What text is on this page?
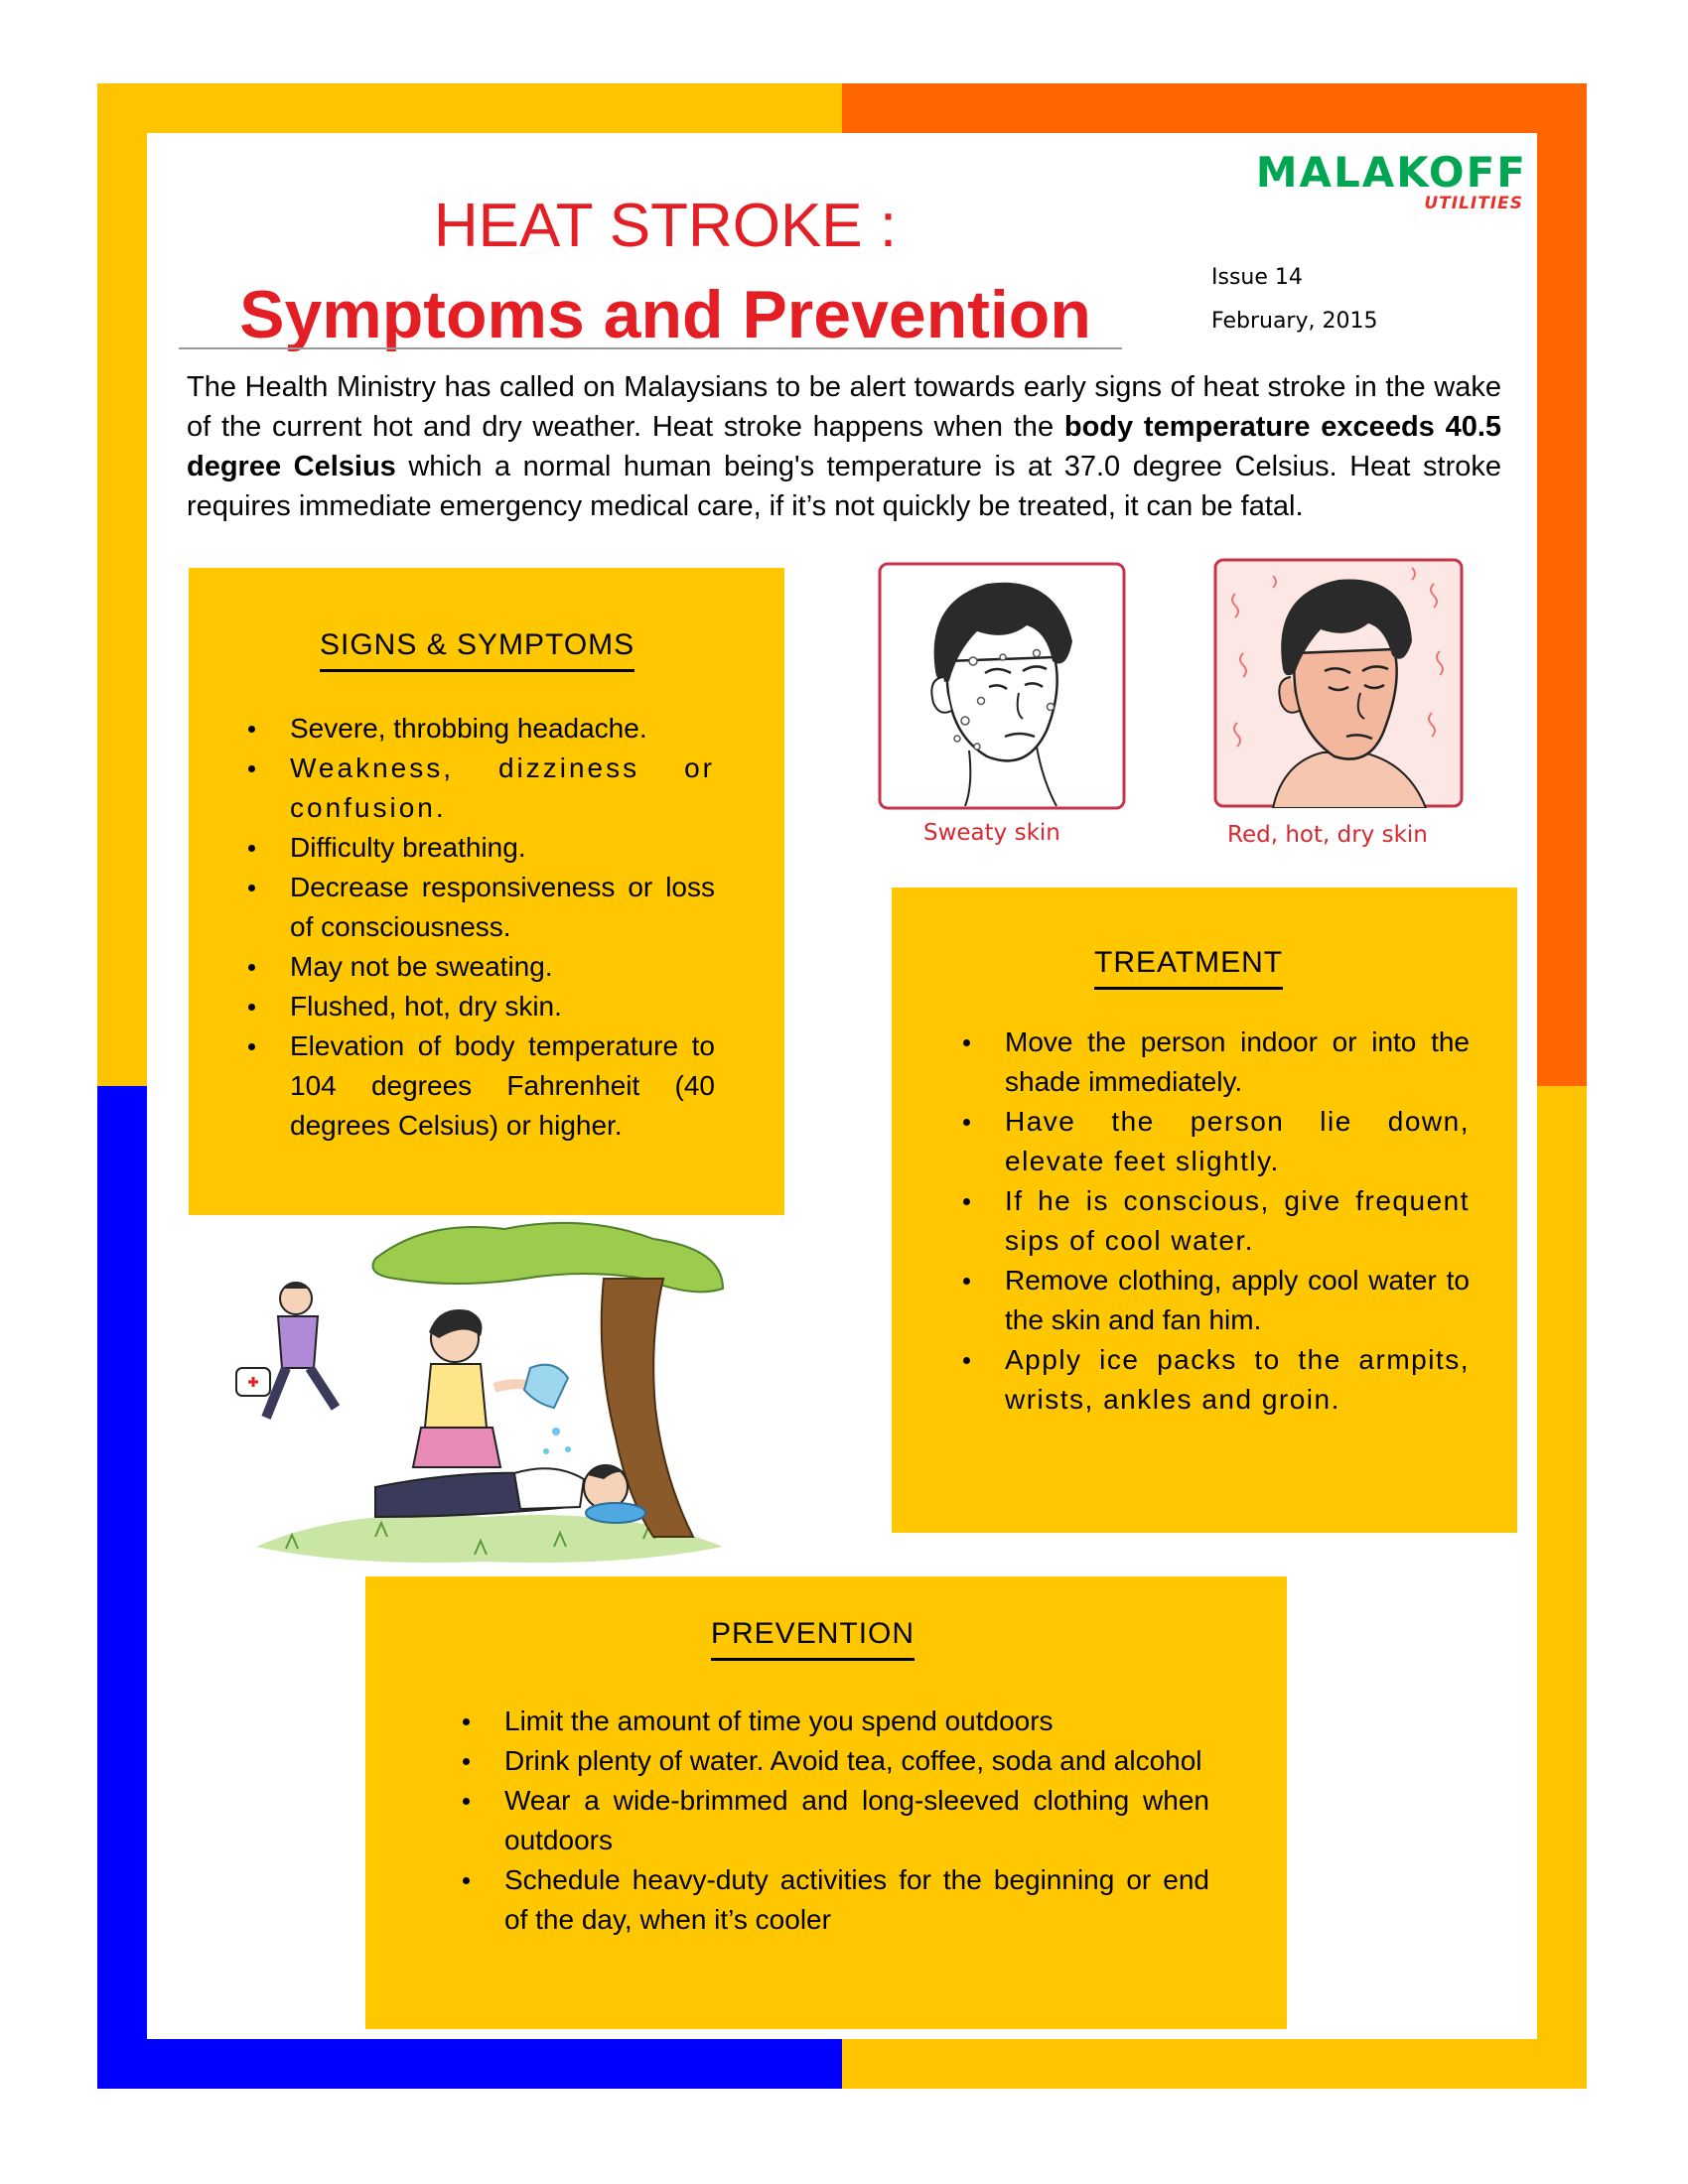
MALAKOFF
UTILITIES
HEAT STROKE :
Symptoms and Prevention	Issue 14
February, 2015
The Health Ministry has called on Malaysians to be alert towards early signs of heat stroke in the wake of the current hot and dry weather. Heat stroke happens when the body temperature exceeds 40.5 degree Celsius which a normal human being's temperature is at 37.0 degree Celsius. Heat stroke requires immediate emergency medical care, if it’s not quickly be treated, it can be fatal.
SIGNS & SYMPTOMS
Severe, throbbing headache.
Weakness, dizziness or confusion.
Difficulty breathing.
Decrease responsiveness or loss of consciousness.
May not be sweating.
Flushed, hot, dry skin.
Elevation of body temperature to 104 degrees Fahrenheit (40 degrees Celsius) or higher.
Sweaty skin	Red, hot, dry skin
TREATMENT
Move the person indoor or into the shade immediately.
Have the person lie down, elevate feet slightly.
If he is conscious, give frequent sips of cool water.
Remove clothing, apply cool water to the skin and fan him.
Apply ice packs to the armpits, wrists, ankles and groin.
PREVENTION
Limit the amount of time you spend outdoors
Drink plenty of water. Avoid tea, coffee, soda and alcohol
Wear a wide-brimmed and long-sleeved clothing when outdoors
Schedule heavy-duty activities for the beginning or end of the day, when it’s cooler
